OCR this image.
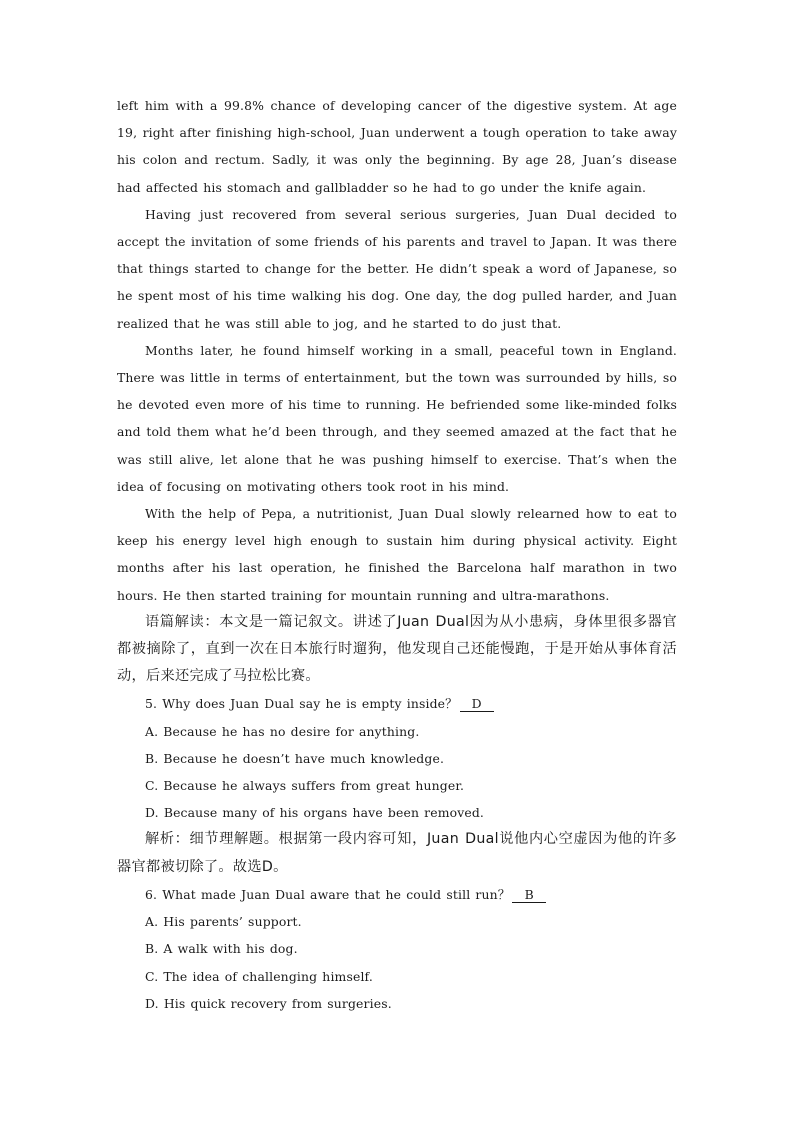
left him with a 99.8% chance of developing cancer of the digestive system. At age 19, right after finishing high-school, Juan underwent a tough operation to take away his colon and rectum. Sadly, it was only the beginning. By age 28, Juan’s disease had affected his stomach and gallbladder so he had to go under the knife again.

Having just recovered from several serious surgeries, Juan Dual decided to accept the invitation of some friends of his parents and travel to Japan. It was there that things started to change for the better. He didn’t speak a word of Japanese, so he spent most of his time walking his dog. One day, the dog pulled harder, and Juan realized that he was still able to jog, and he started to do just that.

Months later, he found himself working in a small, peaceful town in England. There was little in terms of entertainment, but the town was surrounded by hills, so he devoted even more of his time to running. He befriended some like-minded folks and told them what he’d been through, and they seemed amazed at the fact that he was still alive, let alone that he was pushing himself to exercise. That’s when the idea of focusing on motivating others took root in his mind.

With the help of Pepa, a nutritionist, Juan Dual slowly relearned how to eat to keep his energy level high enough to sustain him during physical activity. Eight months after his last operation, he finished the Barcelona half marathon in two hours. He then started training for mountain running and ultra-marathons.

语篇解读：本文是一篇记叙文。讲述了Juan Dual因为从小患病，身体里很多器官都被摘除了，直到一次在日本旅行时遛狗，他发现自己还能慢跑，于是开始从事体育活动，后来还完成了马拉松比赛。

5. Why does Juan Dual say he is empty inside？ D

A. Because he has no desire for anything.

B. Because he doesn’t have much knowledge.

C. Because he always suffers from great hunger.

D. Because many of his organs have been removed.

解析：细节理解题。根据第一段内容可知，Juan Dual说他内心空虚因为他的许多器官都被切除了。故选D。

6. What made Juan Dual aware that he could still run？ B

A. His parents’ support.

B. A walk with his dog.

C. The idea of challenging himself.

D. His quick recovery from surgeries.
